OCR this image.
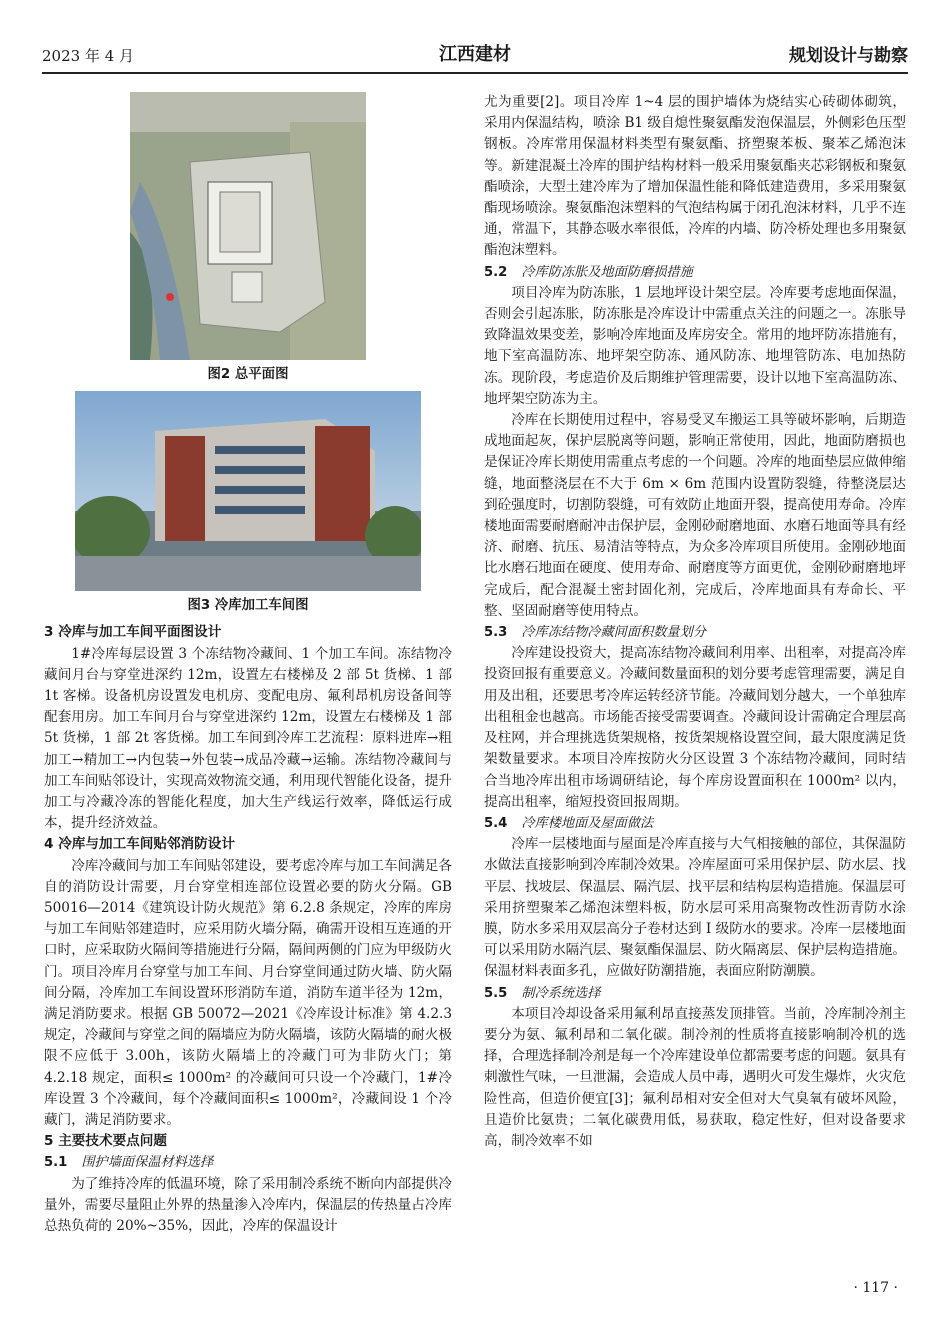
2023 年 4 月	江西建材	规划设计与勘察
图2 总平面图
图3 冷库加工车间图
3 冷库与加工车间平面图设计

1#冷库每层设置 3 个冻结物冷藏间、1 个加工车间。冻结物冷藏间月台与穿堂进深约 12m，设置左右楼梯及 2 部 5t 货梯、1 部 1t 客梯。设备机房设置发电机房、变配电房、氟利昂机房设备间等配套用房。加工车间月台与穿堂进深约 12m，设置左右楼梯及 1 部 5t 货梯，1 部 2t 客货梯。加工车间到冷库工艺流程：原料进库→粗加工→精加工→内包装→外包装→成品冷藏→运输。冻结物冷藏间与加工车间贴邻设计，实现高效物流交通，利用现代智能化设备，提升加工与冷藏冷冻的智能化程度，加大生产线运行效率，降低运行成本，提升经济效益。

4 冷库与加工车间贴邻消防设计

冷库冷藏间与加工车间贴邻建设，要考虑冷库与加工车间满足各自的消防设计需要，月台穿堂相连部位设置必要的防火分隔。GB 50016—2014《建筑设计防火规范》第 6.2.8 条规定，冷库的库房与加工车间贴邻建造时，应采用防火墙分隔，确需开设相互连通的开口时，应采取防火隔间等措施进行分隔，隔间两侧的门应为甲级防火门。项目冷库月台穿堂与加工车间、月台穿堂间通过防火墙、防火隔间分隔，冷库加工车间设置环形消防车道，消防车道半径为 12m，满足消防要求。根据 GB 50072—2021《冷库设计标准》第 4.2.3 规定，冷藏间与穿堂之间的隔墙应为防火隔墙，该防火隔墙的耐火极限不应低于 3.00h，该防火隔墙上的冷藏门可为非防火门；第 4.2.18 规定，面积≤ 1000m² 的冷藏间可只设一个冷藏门，1#冷库设置 3 个冷藏间，每个冷藏间面积≤ 1000m²，冷藏间设 1 个冷藏门，满足消防要求。

5 主要技术要点问题
5.1 围护墙面保温材料选择

为了维持冷库的低温环境，除了采用制冷系统不断向内部提供冷量外，需要尽量阻止外界的热量渗入冷库内，保温层的传热量占冷库总热负荷的 20%~35%，因此，冷库的保温设计

尤为重要[2]。项目冷库 1~4 层的围护墙体为烧结实心砖砌体砌筑，采用内保温结构，喷涂 B1 级自熄性聚氨酯发泡保温层，外侧彩色压型钢板。冷库常用保温材料类型有聚氨酯、挤塑聚苯板、聚苯乙烯泡沫等。新建混凝土冷库的围护结构材料一般采用聚氨酯夹芯彩钢板和聚氨酯喷涂，大型土建冷库为了增加保温性能和降低建造费用，多采用聚氨酯现场喷涂。聚氨酯泡沫塑料的气泡结构属于闭孔泡沫材料，几乎不连通，常温下，其静态吸水率很低，冷库的内墙、防冷桥处理也多用聚氨酯泡沫塑料。

5.2 冷库防冻胀及地面防磨损措施

项目冷库为防冻胀，1 层地坪设计架空层。冷库要考虑地面保温，否则会引起冻胀，防冻胀是冷库设计中需重点关注的问题之一。冻胀导致降温效果变差，影响冷库地面及库房安全。常用的地坪防冻措施有，地下室高温防冻、地坪架空防冻、通风防冻、地埋管防冻、电加热防冻。现阶段，考虑造价及后期维护管理需要，设计以地下室高温防冻、地坪架空防冻为主。

冷库在长期使用过程中，容易受叉车搬运工具等破坏影响，后期造成地面起灰，保护层脱离等问题，影响正常使用，因此，地面防磨损也是保证冷库长期使用需重点考虑的一个问题。冷库的地面垫层应做伸缩缝，地面整浇层在不大于 6m × 6m 范围内设置防裂缝，待整浇层达到砼强度时，切割防裂缝，可有效防止地面开裂，提高使用寿命。冷库楼地面需要耐磨耐冲击保护层，金刚砂耐磨地面、水磨石地面等具有经济、耐磨、抗压、易清洁等特点，为众多冷库项目所使用。金刚砂地面比水磨石地面在硬度、使用寿命、耐磨度等方面更优，金刚砂耐磨地坪完成后，配合混凝土密封固化剂，完成后，冷库地面具有寿命长、平整、坚固耐磨等使用特点。

5.3 冷库冻结物冷藏间面积数量划分

冷库建设投资大，提高冻结物冷藏间利用率、出租率，对提高冷库投资回报有重要意义。冷藏间数量面积的划分要考虑管理需要，满足自用及出租，还要思考冷库运转经济节能。冷藏间划分越大，一个单独库出租租金也越高。市场能否接受需要调查。冷藏间设计需确定合理层高及柱网，并合理挑选货架规格，按货架规格设置空间，最大限度满足货架数量要求。本项目冷库按防火分区设置 3 个冻结物冷藏间，同时结合当地冷库出租市场调研结论，每个库房设置面积在 1000m² 以内，提高出租率，缩短投资回报周期。

5.4 冷库楼地面及屋面做法

冷库一层楼地面与屋面是冷库直接与大气相接触的部位，其保温防水做法直接影响到冷库制冷效果。冷库屋面可采用保护层、防水层、找平层、找坡层、保温层、隔汽层、找平层和结构层构造措施。保温层可采用挤塑聚苯乙烯泡沫塑料板，防水层可采用高聚物改性沥青防水涂膜，防水多采用双层高分子卷材达到 I 级防水的要求。冷库一层楼地面可以采用防水隔汽层、聚氨酯保温层、防火隔离层、保护层构造措施。保温材料表面多孔，应做好防潮措施，表面应附防潮膜。

5.5 制冷系统选择

本项目冷却设备采用氟利昂直接蒸发顶排管。当前，冷库制冷剂主要分为氨、氟利昂和二氧化碳。制冷剂的性质将直接影响制冷机的选择，合理选择制冷剂是每一个冷库建设单位都需要考虑的问题。氨具有刺激性气味，一旦泄漏，会造成人员中毒，遇明火可发生爆炸，火灾危险性高，但造价便宜[3]；氟利昂相对安全但对大气臭氧有破坏风险，且造价比氨贵；二氧化碳费用低，易获取，稳定性好，但对设备要求高，制冷效率不如

· 117 ·
